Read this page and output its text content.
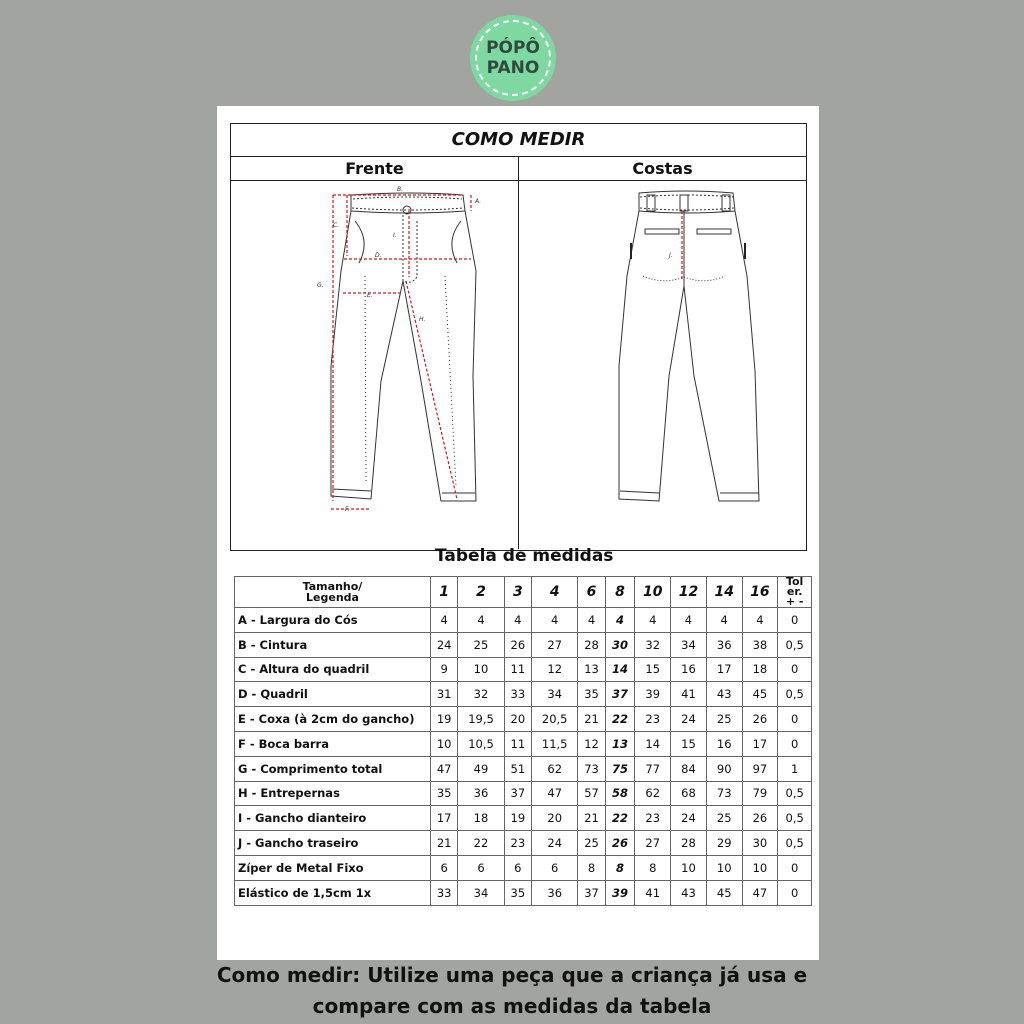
PÓPÔ
PANO
COMO MEDIR
Frente	Costas
A.
B.
C.
D.
E.
F.
G.
H.
I.
J.
Tabela de medidas
Tamanho/
Legenda	1	2	3	4	6	8	10	12	14	16	Tol
er.
+ -
A - Largura do Cós	4	4	4	4	4	4	4	4	4	4	0
B - Cintura	24	25	26	27	28	30	32	34	36	38	0,5
C - Altura do quadril	9	10	11	12	13	14	15	16	17	18	0
D - Quadril	31	32	33	34	35	37	39	41	43	45	0,5
E - Coxa (à 2cm do gancho)	19	19,5	20	20,5	21	22	23	24	25	26	0
F - Boca barra	10	10,5	11	11,5	12	13	14	15	16	17	0
G - Comprimento total	47	49	51	62	73	75	77	84	90	97	1
H - Entrepernas	35	36	37	47	57	58	62	68	73	79	0,5
I - Gancho dianteiro	17	18	19	20	21	22	23	24	25	26	0,5
J - Gancho traseiro	21	22	23	24	25	26	27	28	29	30	0,5
Zíper de Metal Fixo	6	6	6	6	8	8	8	10	10	10	0
Elástico de 1,5cm 1x	33	34	35	36	37	39	41	43	45	47	0
Como medir: Utilize uma peça que a criança já usa e
compare com as medidas da tabela
